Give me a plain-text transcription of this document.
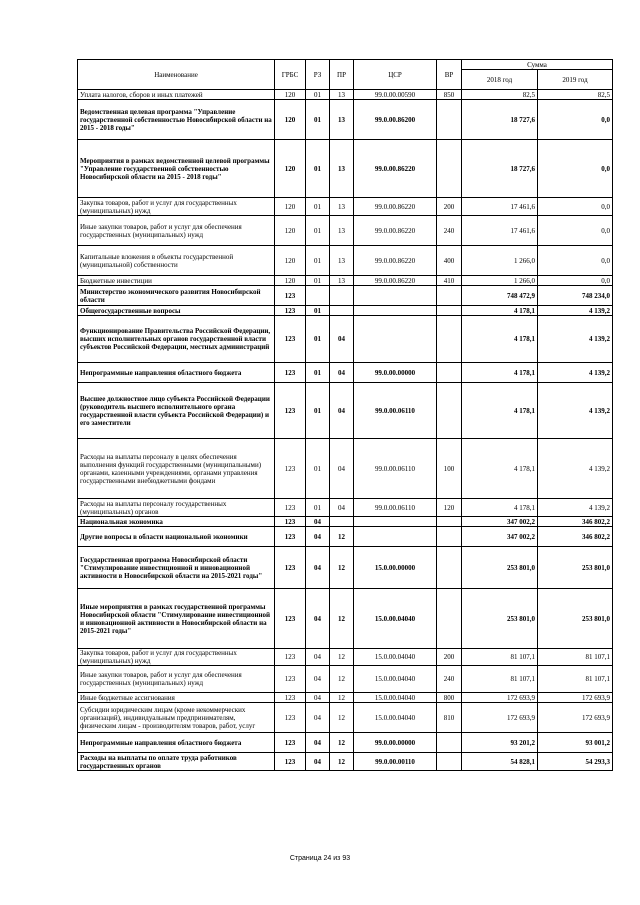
Наименование	ГРБС	РЗ	ПР	ЦСР	ВР	Сумма	
						2018 год	2019 год
Уплата налогов, сборов и иных платежей	120	01	13	99.0.00.00590	850	82,5	82,5
Ведомственная целевая программа "Управление государственной собственностью Новосибирской области на 2015 - 2018 годы"	120	01	13	99.0.00.86200		18 727,6	0,0
Мероприятия в рамках ведомственной целевой программы "Управление государственной собственностью Новосибирской области на 2015 - 2018 годы"	120	01	13	99.0.00.86220		18 727,6	0,0
Закупка товаров, работ и услуг для государственных (муниципальных) нужд	120	01	13	99.0.00.86220	200	17 461,6	0,0
Иные закупки товаров, работ и услуг для обеспечения государственных (муниципальных) нужд	120	01	13	99.0.00.86220	240	17 461,6	0,0
Капитальные вложения в объекты государственной (муниципальной) собственности	120	01	13	99.0.00.86220	400	1 266,0	0,0
Бюджетные инвестиции	120	01	13	99.0.00.86220	410	1 266,0	0,0
Министерство экономического развития Новосибирской области	123					748 472,9	748 234,0
Общегосударственные вопросы	123	01				4 178,1	4 139,2
Функционирование Правительства Российской Федерации, высших исполнительных органов государственной власти субъектов Российской Федерации, местных администраций	123	01	04			4 178,1	4 139,2
Непрограммные направления областного бюджета	123	01	04	99.0.00.00000		4 178,1	4 139,2
Высшее должностное лицо субъекта Российской Федерации (руководитель высшего исполнительного органа государственной власти субъекта Российской Федерации) и его заместители	123	01	04	99.0.00.06110		4 178,1	4 139,2
Расходы на выплаты персоналу в целях обеспечения выполнения функций государственными (муниципальными) органами, казенными учреждениями, органами управления государственными внебюджетными фондами	123	01	04	99.0.00.06110	100	4 178,1	4 139,2
Расходы на выплаты персоналу государственных (муниципальных) органов	123	01	04	99.0.00.06110	120	4 178,1	4 139,2
Национальная экономика	123	04				347 002,2	346 802,2
Другие вопросы в области национальной экономики	123	04	12			347 002,2	346 802,2
Государственная программа Новосибирской области "Стимулирование инвестиционной и инновационной активности в Новосибирской области на 2015-2021 годы"	123	04	12	15.0.00.00000		253 801,0	253 801,0
Иные мероприятия в рамках государственной программы Новосибирской области "Стимулирование инвестиционной и инновационной активности в Новосибирской области на 2015-2021 годы"	123	04	12	15.0.00.04040		253 801,0	253 801,0
Закупка товаров, работ и услуг для государственных (муниципальных) нужд	123	04	12	15.0.00.04040	200	81 107,1	81 107,1
Иные закупки товаров, работ и услуг для обеспечения государственных (муниципальных) нужд	123	04	12	15.0.00.04040	240	81 107,1	81 107,1
Иные бюджетные ассигнования	123	04	12	15.0.00.04040	800	172 693,9	172 693,9
Субсидии юридическим лицам (кроме некоммерческих организаций), индивидуальным предпринимателям, физическим лицам - производителям товаров, работ, услуг	123	04	12	15.0.00.04040	810	172 693,9	172 693,9
Непрограммные направления областного бюджета	123	04	12	99.0.00.00000		93 201,2	93 001,2
Расходы на выплаты по оплате труда работников государственных органов	123	04	12	99.0.00.00110		54 828,1	54 293,3
Страница 24 из 93
